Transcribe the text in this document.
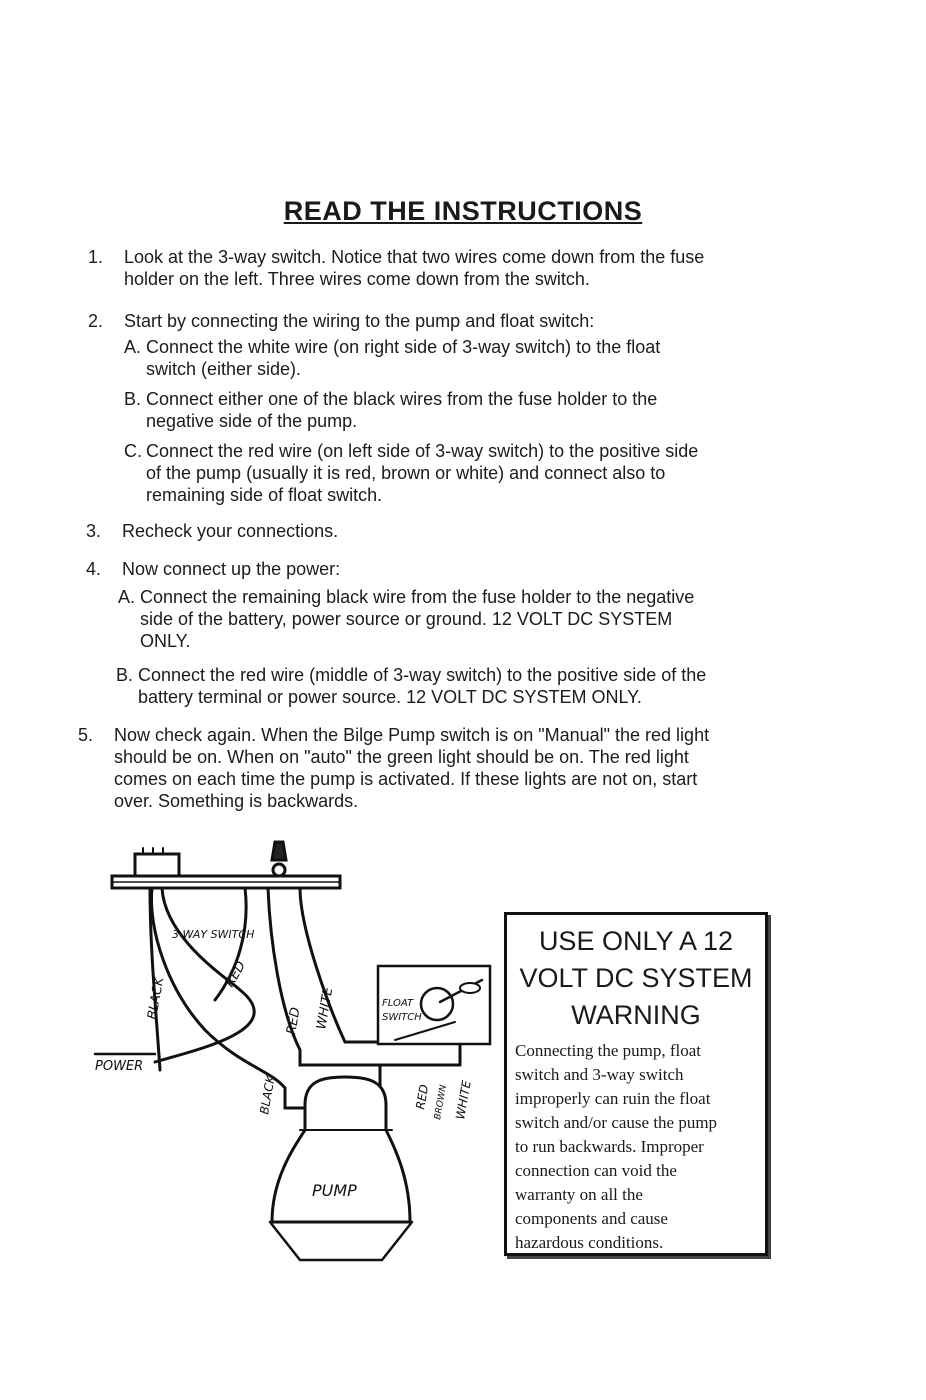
READ THE INSTRUCTIONS
1.	Look at the 3-way switch. Notice that two wires come down from the fuse
holder on the left. Three wires come down from the switch.
2.	Start by connecting the wiring to the pump and float switch:
A. Connect the white wire (on right side of 3-way switch) to the float
switch (either side).
B. Connect either one of the black wires from the fuse holder to the
negative side of the pump.
C. Connect the red wire (on left side of 3-way switch) to the positive side
of the pump (usually it is red, brown or white) and connect also to
remaining side of float switch.
3.	Recheck your connections.
4.	Now connect up the power:
A. Connect the remaining black wire from the fuse holder to the negative
side of the battery, power source or ground. 12 VOLT DC SYSTEM
ONLY.
B. Connect the red wire (middle of 3-way switch) to the positive side of the
battery terminal or power source. 12 VOLT DC SYSTEM ONLY.
5.	Now check again. When the Bilge Pump switch is on "Manual" the red light
should be on. When on "auto" the green light should be on. The red light
comes on each time the pump is activated. If these lights are not on, start
over. Something is backwards.
3 WAY SWITCH
BLACK
RED
RED WHITE
POWER
FLOAT
SWITCH
PUMP
BLACK	RED BROWN WHITE
USE ONLY A 12
VOLT DC SYSTEM
WARNING
Connecting the pump, float
switch and 3-way switch
improperly can ruin the float
switch and/or cause the pump
to run backwards. Improper
connection can void the
warranty on all the
components and cause
hazardous conditions.
